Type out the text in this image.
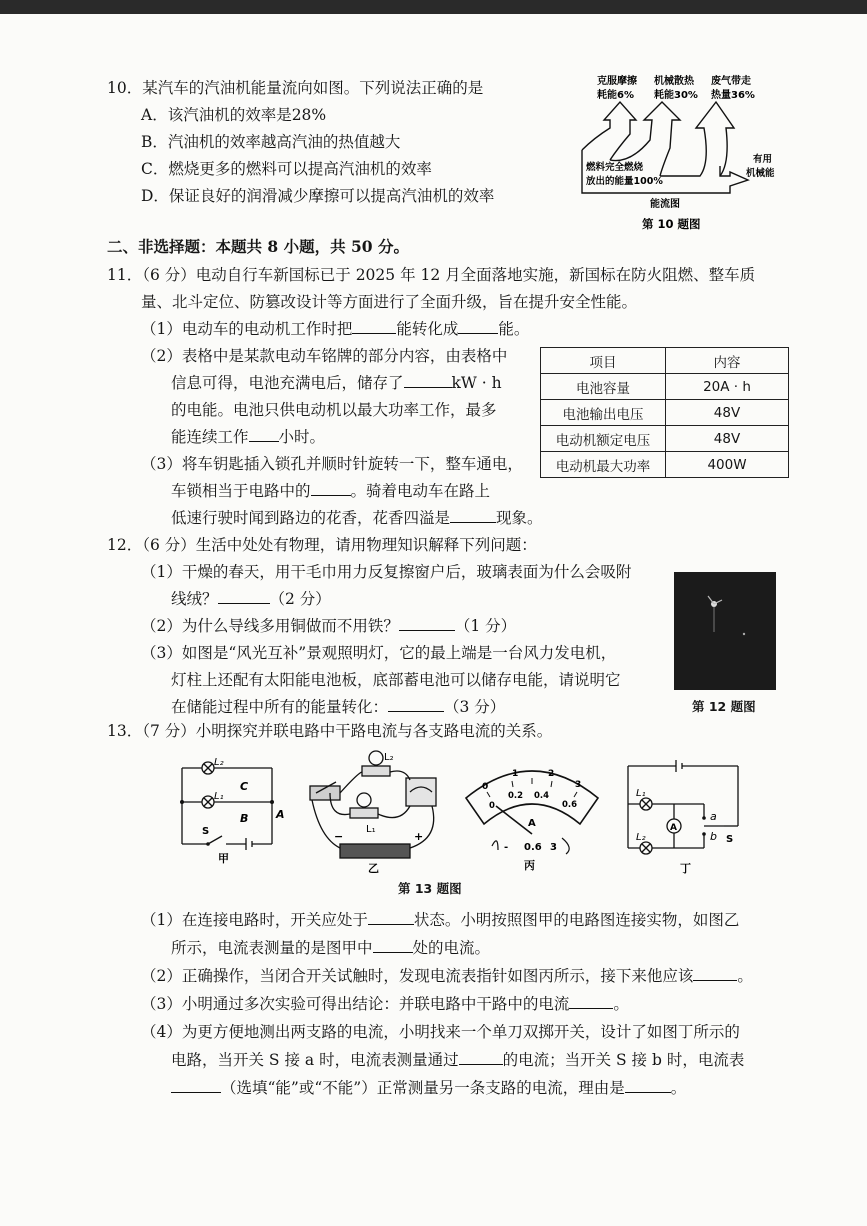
10．某汽车的汽油机能量流向如图。下列说法正确的是
A．该汽油机的效率是28%
B．汽油机的效率越高汽油的热值越大
C．燃烧更多的燃料可以提高汽油机的效率
D．保证良好的润滑减少摩擦可以提高汽油机的效率
克服摩擦
耗能6%
机械散热
耗能30%
废气带走
热量36%
燃料完全燃烧
放出的能量100%
有用
机械能
能流图
第 10 题图
二、非选择题：本题共 8 小题，共 50 分。
11．（6 分）电动自行车新国标已于 2025 年 12 月全面落地实施，新国标在防火阻燃、整车质
量、北斗定位、防篡改设计等方面进行了全面升级，旨在提升安全性能。
（1）电动车的电动机工作时把	能转化成	能。
（2）表格中是某款电动车铭牌的部分内容，由表格中
信息可得，电池充满电后，储存了	kW · h
的电能。电池只供电动机以最大功率工作，最多
能连续工作 小时。
（3）将车钥匙插入锁孔并顺时针旋转一下，整车通电，
车锁相当于电路中的	。骑着电动车在路上
低速行驶时闻到路边的花香，花香四溢是	现象。
项目	内容
电池容量	20A · h
电池输出电压	48V
电动机额定电压	48V
电动机最大功率	400W
12．（6 分）生活中处处有物理，请用物理知识解释下列问题：
（1）干燥的春天，用干毛巾用力反复擦窗户后，玻璃表面为什么会吸附
线绒？	（2 分）
（2）为什么导线多用铜做而不用铁？	（1 分）
（3）如图是“风光互补”景观照明灯，它的最上端是一台风力发电机，
灯柱上还配有太阳能电池板，底部蓄电池可以储存电能，请说明它
在储能过程中所有的能量转化：	（3 分）	第 12 题图
13．（7 分）小明探究并联电路中干路电流与各支路电流的关系。
L₂
L₁
C
B	A
S
甲
L₂
L₁
−	+
乙
0
1	2
3
0
0.2 0.4
0.6
A
- 0.6 3
丙
L₁
L₂
A
a
b S
丁
第 13 题图
（1）在连接电路时，开关应处于	状态。小明按照图甲的电路图连接实物，如图乙
所示，电流表测量的是图甲中	处的电流。
（2）正确操作，当闭合开关试触时，发现电流表指针如图丙所示，接下来他应该	。
（3）小明通过多次实验可得出结论：并联电路中干路中的电流	。
（4）为更方便地测出两支路的电流，小明找来一个单刀双掷开关，设计了如图丁所示的
电路，当开关 S 接 a 时，电流表测量通过	的电流；当开关 S 接 b 时，电流表
（选填“能”或“不能”）正常测量另一条支路的电流，理由是	。
